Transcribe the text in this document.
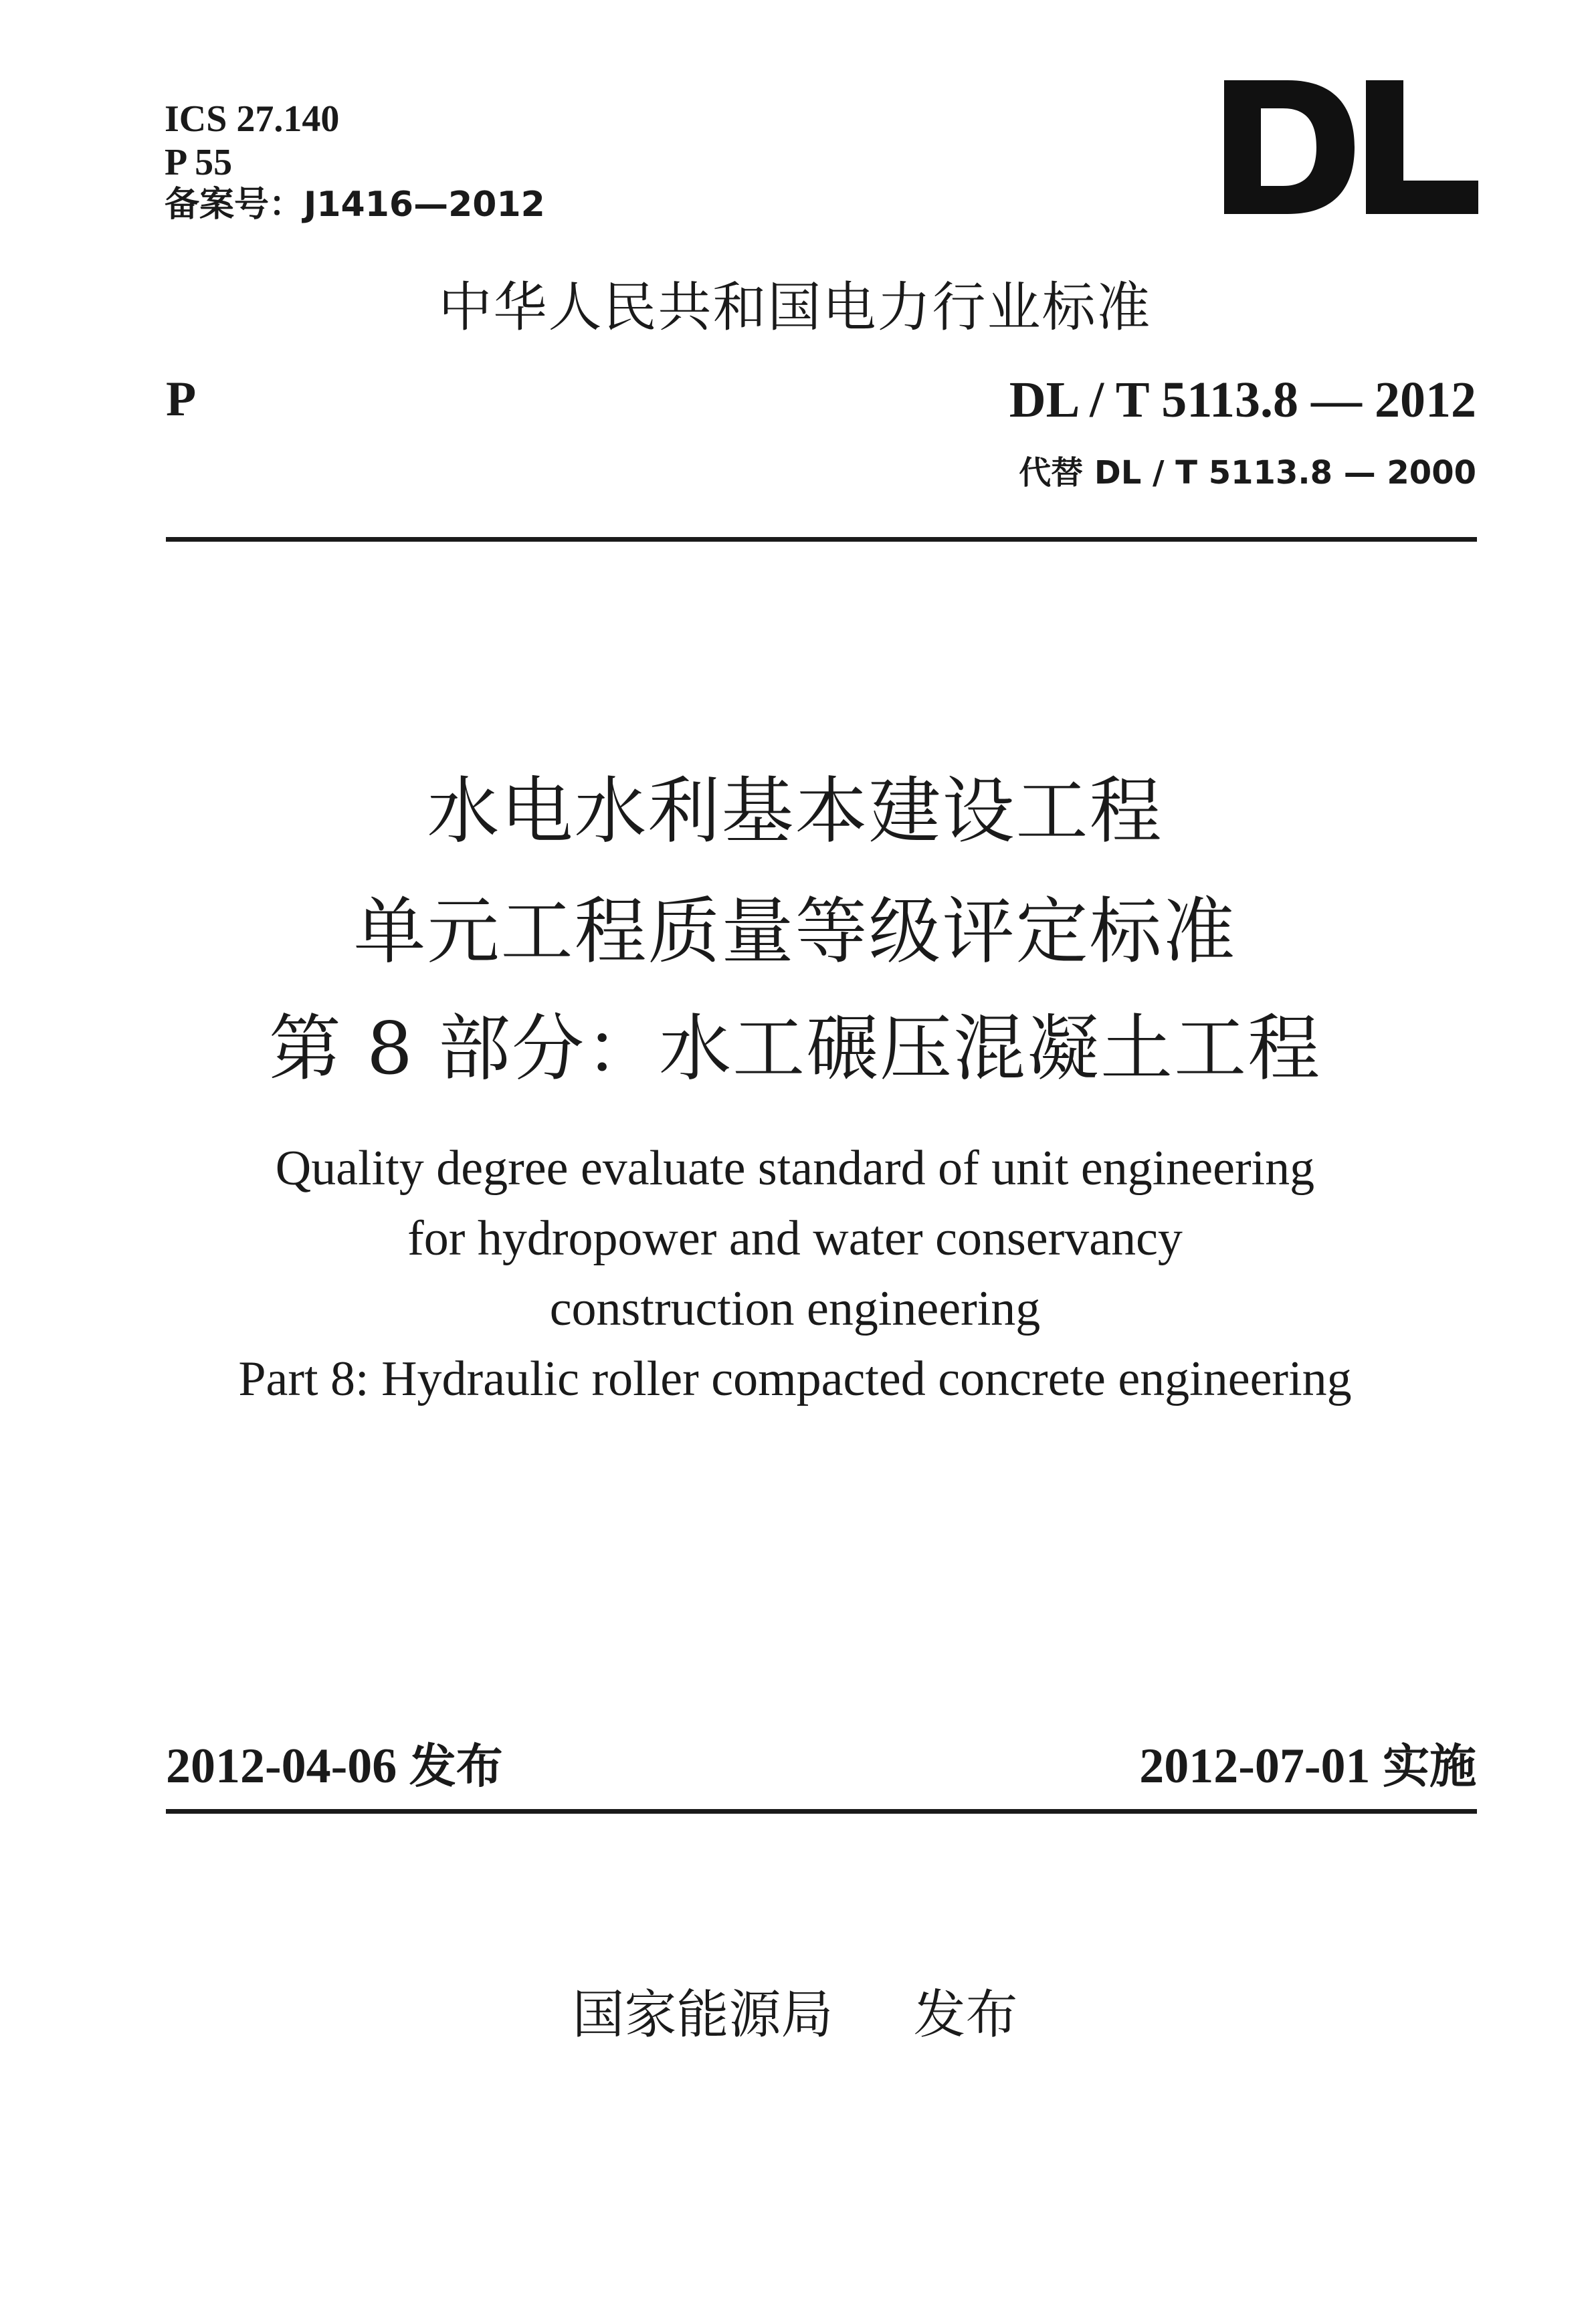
ICS 27.140
P 55
备案号：J1416—2012
中华人民共和国电力行业标准
P	DL / T 5113.8 — 2012
代替 DL / T 5113.8 — 2000
水电水利基本建设工程
单元工程质量等级评定标准
第 8 部分：水工碾压混凝土工程
Quality degree evaluate standard of unit engineering
for hydropower and water conservancy
construction engineering
Part 8: Hydraulic roller compacted concrete engineering
2012-04-06 发布	2012-07-01 实施
国家能源局 发布
